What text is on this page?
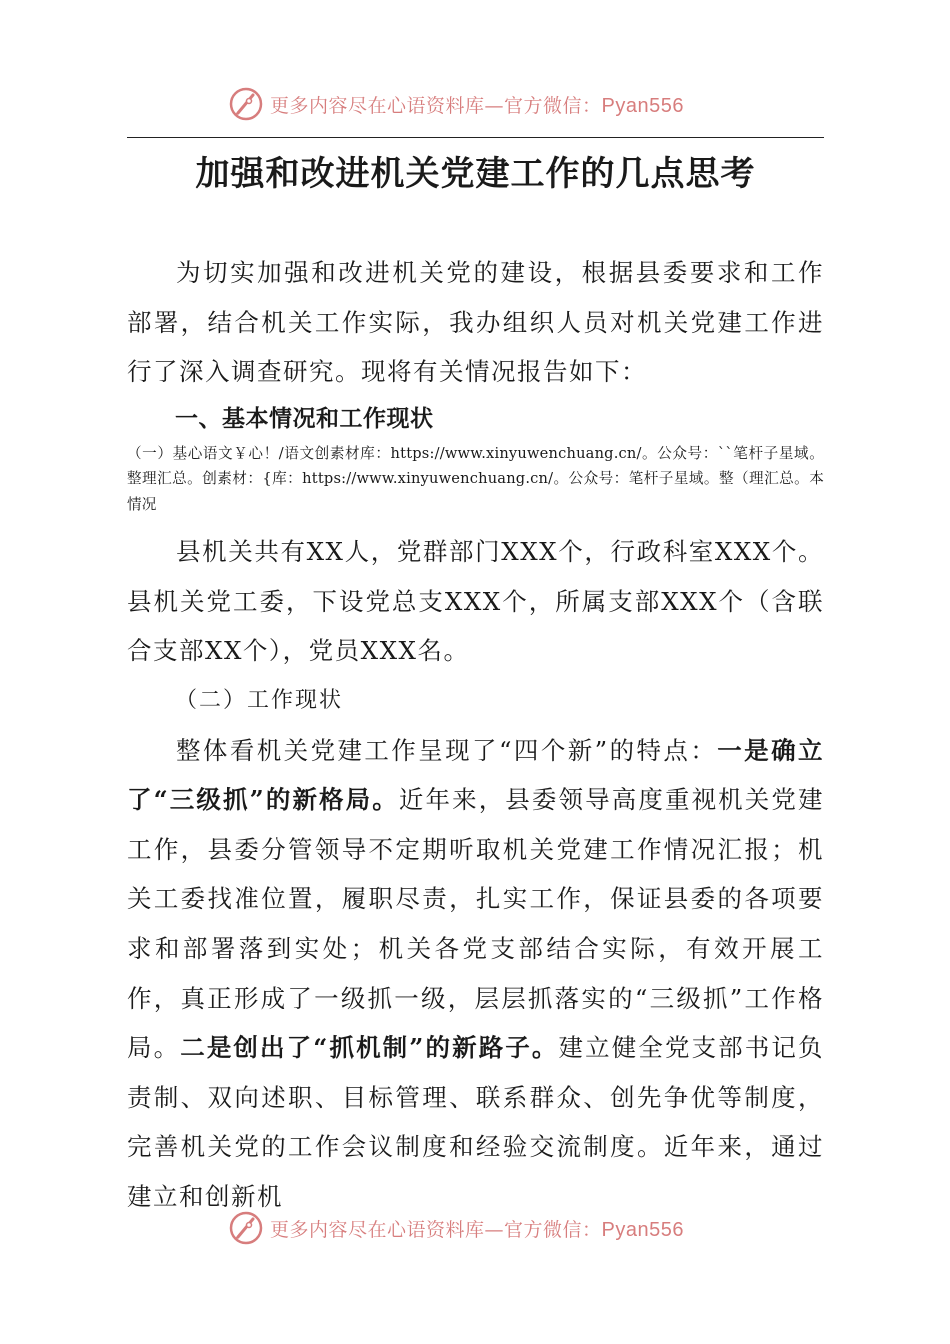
更多内容尽在心语资料库—官方微信：Pyan556
加强和改进机关党建工作的几点思考

为切实加强和改进机关党的建设，根据县委要求和工作部署，结合机关工作实际，我办组织人员对机关党建工作进行了深入调查研究。现将有关情况报告如下：

一、基本情况和工作现状

（一）基心语文￥心！/语文创素材库：https://www.xinyuwenchuang.cn/。公众号：``笔杆子星域。整理汇总。创素材：{库：https://www.xinyuwenchuang.cn/。公众号：笔杆子星域。整（理汇总。本情况

县机关共有XX人，党群部门XXX个，行政科室XXX个。县机关党工委，下设党总支XXX个，所属支部XXX个（含联合支部XX个），党员XXX名。

（二）工作现状

整体看机关党建工作呈现了“四个新”的特点：一是确立了“三级抓”的新格局。近年来，县委领导高度重视机关党建工作，县委分管领导不定期听取机关党建工作情况汇报；机关工委找准位置，履职尽责，扎实工作，保证县委的各项要求和部署落到实处；机关各党支部结合实际，有效开展工作，真正形成了一级抓一级，层层抓落实的“三级抓”工作格局。二是创出了“抓机制”的新路子。建立健全党支部书记负责制、双向述职、目标管理、联系群众、创先争优等制度，完善机关党的工作会议制度和经验交流制度。近年来，通过建立和创新机

更多内容尽在心语资料库—官方微信：Pyan556
